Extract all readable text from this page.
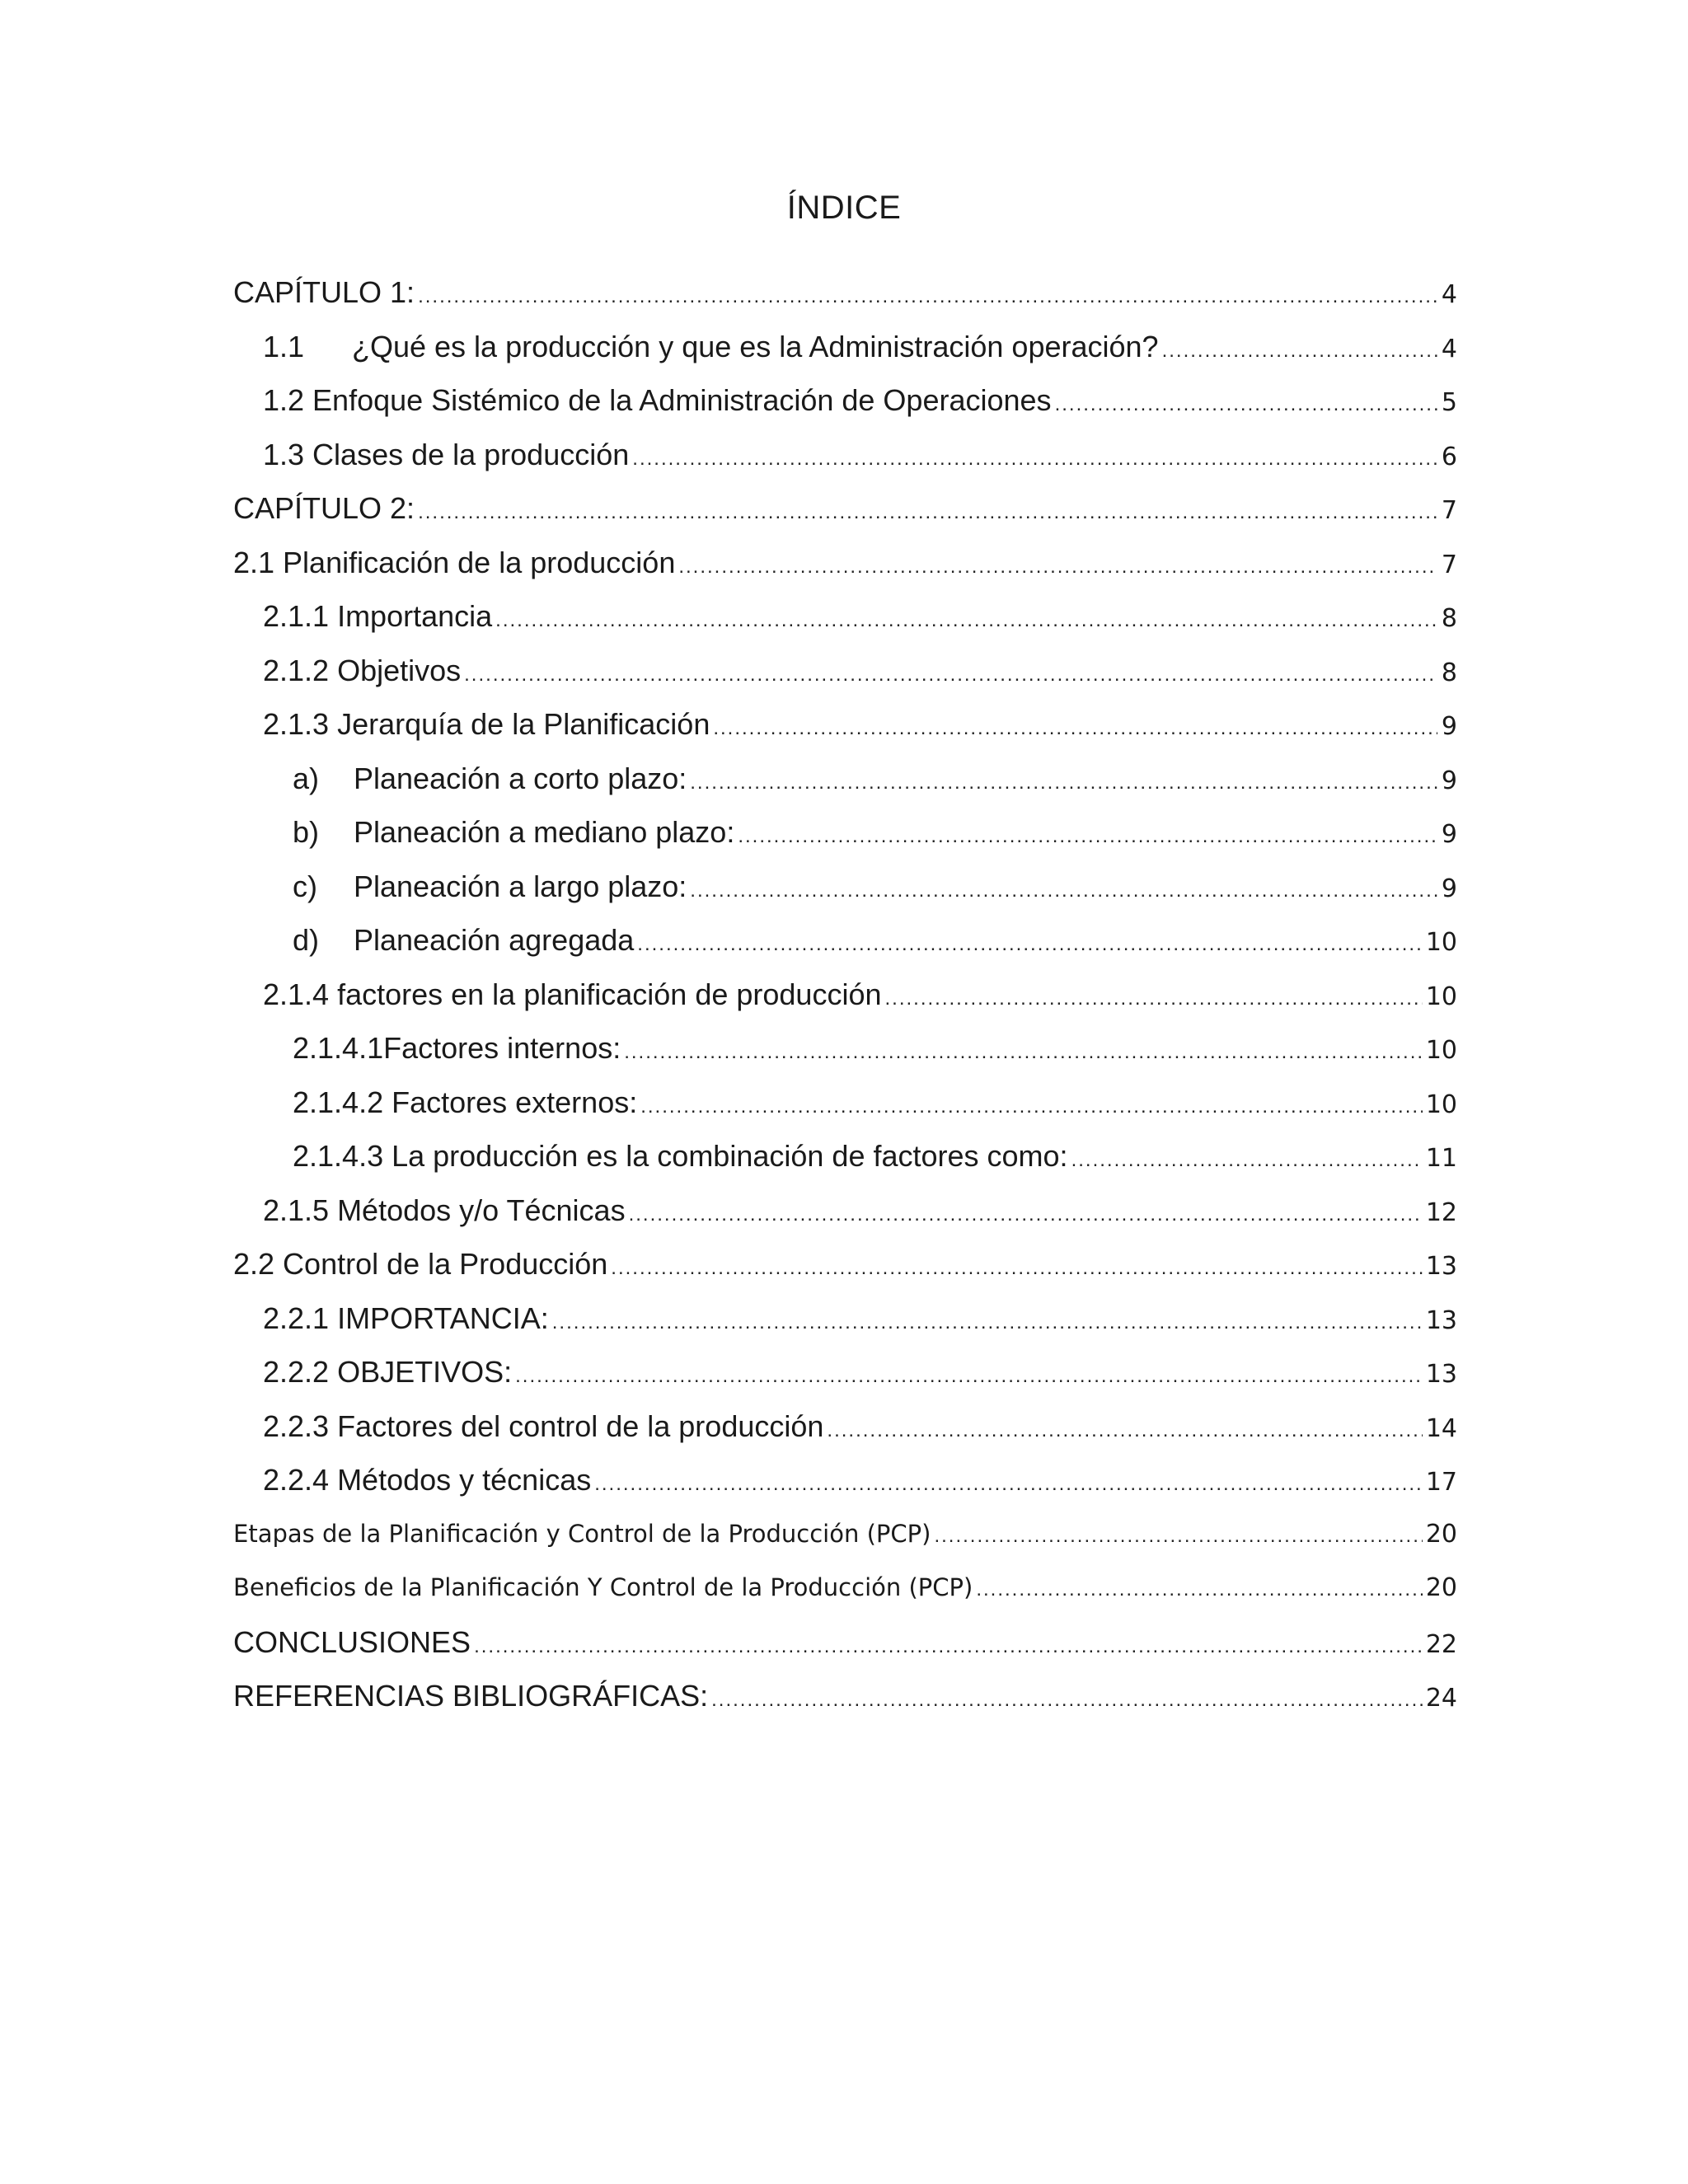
ÍNDICE
CAPÍTULO 1: .....	4
1.1	¿Qué es la producción y que es la Administración operación? .....	4
1.2 Enfoque Sistémico de la Administración de Operaciones .....	5
1.3 Clases de la producción .....	6
CAPÍTULO 2: .....	7
2.1 Planificación de la producción .....	7
2.1.1 Importancia .....	8
2.1.2 Objetivos .....	8
2.1.3 Jerarquía de la Planificación .....	9
a)	Planeación a corto plazo: .....	9
b)	Planeación a mediano plazo: .....	9
c)	Planeación a largo plazo: .....	9
d)	Planeación agregada .....	10
2.1.4 factores en la planificación de producción .....	10
2.1.4.1Factores internos: .....	10
2.1.4.2 Factores externos: .....	10
2.1.4.3 La producción es la combinación de factores como: .....	11
2.1.5 Métodos y/o Técnicas .....	12
2.2 Control de la Producción .....	13
2.2.1 IMPORTANCIA: .....	13
2.2.2 OBJETIVOS: .....	13
2.2.3 Factores del control de la producción .....	14
2.2.4 Métodos y técnicas .....	17
Etapas de la Planificación y Control de la Producción (PCP) .....	20
Beneficios de la Planificación Y Control de la Producción (PCP) .....	20
CONCLUSIONES .....	22
REFERENCIAS BIBLIOGRÁFICAS: .....	24
